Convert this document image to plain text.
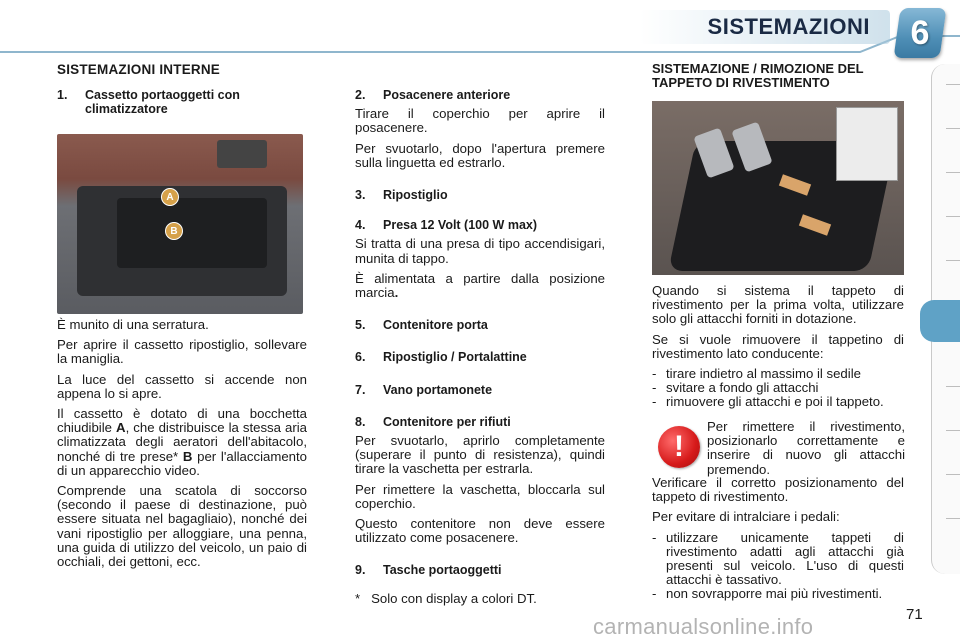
SISTEMAZIONI	6
SISTEMAZIONI INTERNE
1.	Cassetto portaoggetti con climatizzatore
A
B

È munito di una serratura.

Per aprire il cassetto ripostiglio, sollevare la maniglia.

La luce del cassetto si accende non appena lo si apre.

Il cassetto è dotato di una bocchetta chiudibile A, che distribuisce la stessa aria climatizzata degli aeratori dell'abitacolo, nonché di tre prese* B per l'allacciamento di un apparecchio video.

Comprende una scatola di soccorso (secondo il paese di destinazione, può essere situata nel bagagliaio), nonché dei vani ripostiglio per alloggiare, una penna, una guida di utilizzo del veicolo, un paio di occhiali, dei gettoni, ecc.

2.	Posacenere anteriore

Tirare il coperchio per aprire il posacenere.

Per svuotarlo, dopo l'apertura premere sulla linguetta ed estrarlo.

3.	Ripostiglio
4.	Presa 12 Volt (100 W max)

Si tratta di una presa di tipo accendisigari, munita di tappo.

È alimentata a partire dalla posizione marcia.

5.	Contenitore porta
6.	Ripostiglio / Portalattine
7.	Vano portamonete
8.	Contenitore per rifiuti

Per svuotarlo, aprirlo completamente (superare il punto di resistenza), quindi tirare la vaschetta per estrarla.

Per rimettere la vaschetta, bloccarla sul coperchio.

Questo contenitore non deve essere utilizzato come posacenere.

9.	Tasche portaoggetti

*   Solo con display a colori DT.

SISTEMAZIONE / RIMOZIONE DEL TAPPETO DI RIVESTIMENTO

Quando si sistema il tappeto di rivestimento per la prima volta, utilizzare solo gli attacchi forniti in dotazione.

Se si vuole rimuovere il tappetino di rivestimento lato conducente:

- tirare indietro al massimo il sedile
- svitare a fondo gli attacchi
- rimuovere gli attacchi e poi il tappeto.
!

Per rimettere il rivestimento, posizionarlo correttamente e inserire di nuovo gli attacchi premendo.

Verificare il corretto posizionamento del tappeto di rivestimento.

Per evitare di intralciare i pedali:

- utilizzare unicamente tappeti di rivestimento adatti agli attacchi già presenti sul veicolo. L'uso di questi attacchi è tassativo.
- non sovrapporre mai più rivestimenti.
71
carmanualsonline.info
